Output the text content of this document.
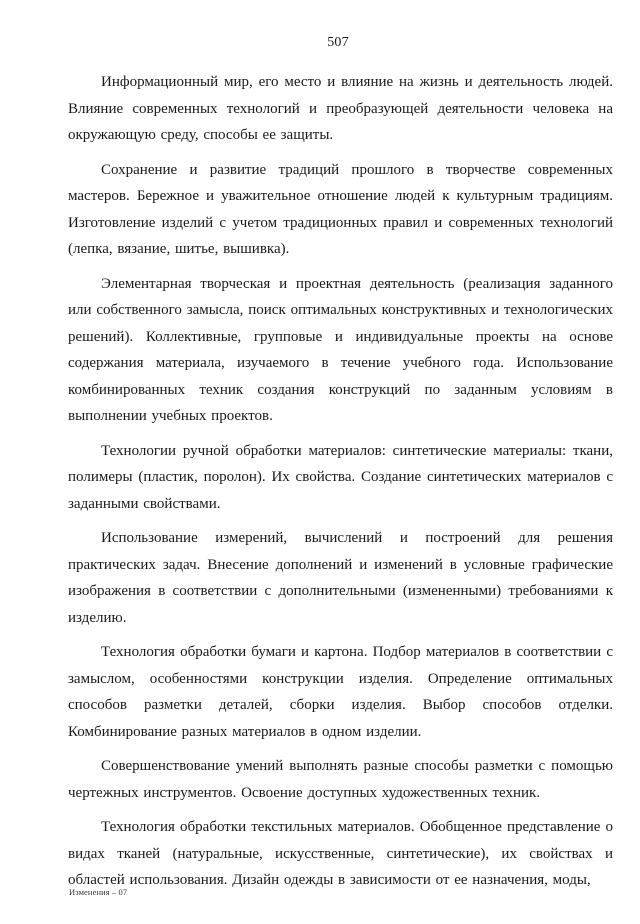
507

Информационный мир, его место и влияние на жизнь и деятельность людей. Влияние современных технологий и преобразующей деятельности человека на окружающую среду, способы ее защиты.

Сохранение и развитие традиций прошлого в творчестве современных мастеров. Бережное и уважительное отношение людей к культурным традициям. Изготовление изделий с учетом традиционных правил и современных технологий (лепка, вязание, шитье, вышивка).

Элементарная творческая и проектная деятельность (реализация заданного или собственного замысла, поиск оптимальных конструктивных и технологических решений). Коллективные, групповые и индивидуальные проекты на основе содержания материала, изучаемого в течение учебного года. Использование комбинированных техник создания конструкций по заданным условиям в выполнении учебных проектов.

Технологии ручной обработки материалов: синтетические материалы: ткани, полимеры (пластик, поролон). Их свойства. Создание синтетических материалов с заданными свойствами.

Использование измерений, вычислений и построений для решения практических задач. Внесение дополнений и изменений в условные графические изображения в соответствии с дополнительными (измененными) требованиями к изделию.

Технология обработки бумаги и картона. Подбор материалов в соответствии с замыслом, особенностями конструкции изделия. Определение оптимальных способов разметки деталей, сборки изделия. Выбор способов отделки. Комбинирование разных материалов в одном изделии.

Совершенствование умений выполнять разные способы разметки с помощью чертежных инструментов. Освоение доступных художественных техник.

Технология обработки текстильных материалов. Обобщенное представление о видах тканей (натуральные, искусственные, синтетические), их свойствах и областей использования. Дизайн одежды в зависимости от ее назначения, моды,

Изменения – 07
